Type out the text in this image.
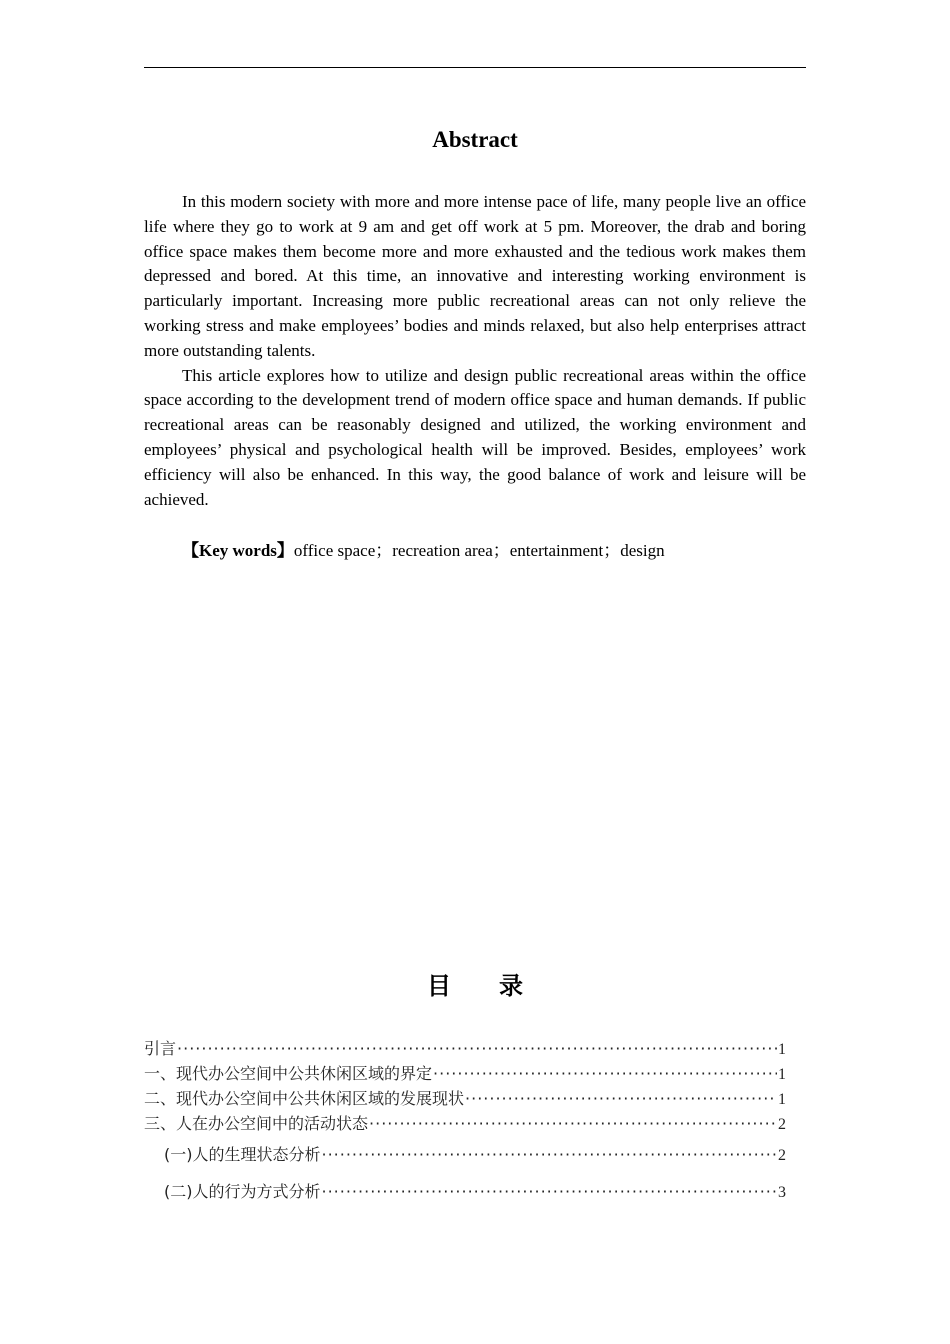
Abstract

In this modern society with more and more intense pace of life, many people live an office life where they go to work at 9 am and get off work at 5 pm. Moreover, the drab and boring office space makes them become more and more exhausted and the tedious work makes them depressed and bored. At this time, an innovative and interesting working environment is particularly important. Increasing more public recreational areas can not only relieve the working stress and make employees’ bodies and minds relaxed, but also help enterprises attract more outstanding talents.

This article explores how to utilize and design public recreational areas within the office space according to the development trend of modern office space and human demands. If public recreational areas can be reasonably designed and utilized, the working environment and employees’ physical and psychological health will be improved. Besides, employees’ work efficiency will also be enhanced. In this way, the good balance of work and leisure will be achieved.

【Key words】office space；recreation area；entertainment；design
目 录
引言 ·····	1
一、现代办公空间中公共休闲区域的界定 ·····	1
二、现代办公空间中公共休闲区域的发展现状 ·····	1
三、人在办公空间中的活动状态 ·····	2
(一)人的生理状态分析 ·····	2
(二)人的行为方式分析 ·····	3
